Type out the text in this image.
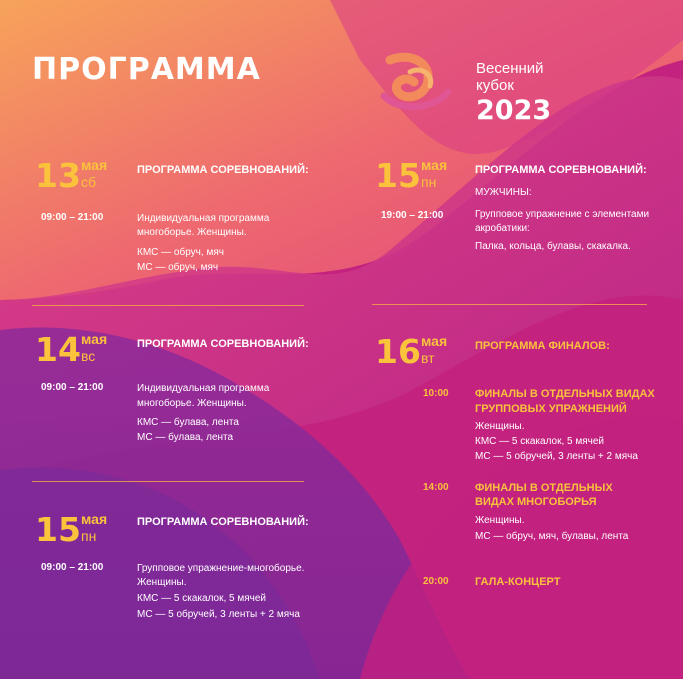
ПРОГРАММА	Весенний
кубок
2023
13 мая
сб
ПРОГРАММА СОРЕВНОВАНИЙ:
09:00 – 21:00	Индивидуальная программа
многоборье. Женщины.
КМС — обруч, мяч
МС — обруч, мяч
14 мая
вс
ПРОГРАММА СОРЕВНОВАНИЙ:
09:00 – 21:00	Индивидуальная программа
многоборье. Женщины.
КМС — булава, лента
МС — булава, лента
15 мая
пн
ПРОГРАММА СОРЕВНОВАНИЙ:
09:00 – 21:00	Групповое упражнение-многоборье.
Женщины.
КМС — 5 скакалок, 5 мячей
МС — 5 обручей, 3 ленты + 2 мяча
15 мая
пн
ПРОГРАММА СОРЕВНОВАНИЙ:
МУЖЧИНЫ:
19:00 – 21:00	Групповое упражнение с элементами
акробатики:
Палка, кольца, булавы, скакалка.
16 мая
вт
ПРОГРАММА ФИНАЛОВ:
10:00 ФИНАЛЫ В ОТДЕЛЬНЫХ ВИДАХ
ГРУППОВЫХ УПРАЖНЕНИЙ
Женщины.
КМС — 5 скакалок, 5 мячей
МС — 5 обручей, 3 ленты + 2 мяча
14:00 ФИНАЛЫ В ОТДЕЛЬНЫХ
ВИДАХ МНОГОБОРЬЯ
Женщины.
МС — обруч, мяч, булавы, лента
20:00 ГАЛА-КОНЦЕРТ
